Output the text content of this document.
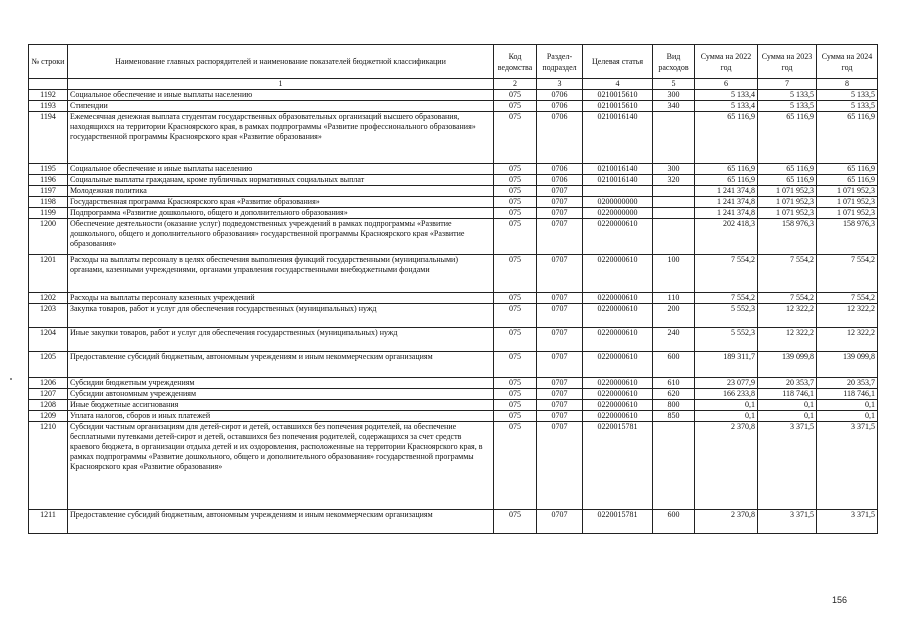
№ строки	Наименование главных распорядителей и наименование показателей бюджетной классификации	Код ведомства	Раздел-подраздел	Целевая статья	Вид расходов	Сумма на 2022 год	Сумма на 2023 год	Сумма на 2024 год
	1	2	3	4	5	6	7	8
1192	Социальное обеспечение и иные выплаты населению	075	0706	0210015610	300	5 133,4	5 133,5	5 133,5
1193	Стипендии	075	0706	0210015610	340	5 133,4	5 133,5	5 133,5
1194	Ежемесячная денежная выплата студентам государственных образовательных организаций высшего образования, находящихся на территории Красноярского края, в рамках подпрограммы «Развитие профессионального образования» государственной программы Красноярского края «Развитие образования»	075	0706	0210016140		65 116,9	65 116,9	65 116,9
1195	Социальное обеспечение и иные выплаты населению	075	0706	0210016140	300	65 116,9	65 116,9	65 116,9
1196	Социальные выплаты гражданам, кроме публичных нормативных социальных выплат	075	0706	0210016140	320	65 116,9	65 116,9	65 116,9
1197	Молодежная политика	075	0707			1 241 374,8	1 071 952,3	1 071 952,3
1198	Государственная программа Красноярского края «Развитие образования»	075	0707	0200000000		1 241 374,8	1 071 952,3	1 071 952,3
1199	Подпрограмма «Развитие дошкольного, общего и дополнительного образования»	075	0707	0220000000		1 241 374,8	1 071 952,3	1 071 952,3
1200	Обеспечение деятельности (оказание услуг) подведомственных учреждений в рамках подпрограммы «Развитие дошкольного, общего и дополнительного образования» государственной программы Красноярского края «Развитие образования»	075	0707	0220000610		202 418,3	158 976,3	158 976,3
1201	Расходы на выплаты персоналу в целях обеспечения выполнения функций государственными (муниципальными) органами, казенными учреждениями, органами управления государственными внебюджетными фондами	075	0707	0220000610	100	7 554,2	7 554,2	7 554,2
1202	Расходы на выплаты персоналу казенных учреждений	075	0707	0220000610	110	7 554,2	7 554,2	7 554,2
1203	Закупка товаров, работ и услуг для обеспечения государственных (муниципальных) нужд	075	0707	0220000610	200	5 552,3	12 322,2	12 322,2
1204	Иные закупки товаров, работ и услуг для обеспечения государственных (муниципальных) нужд	075	0707	0220000610	240	5 552,3	12 322,2	12 322,2
1205	Предоставление субсидий бюджетным, автономным учреждениям и иным некоммерческим организациям	075	0707	0220000610	600	189 311,7	139 099,8	139 099,8
1206	Субсидии бюджетным учреждениям	075	0707	0220000610	610	23 077,9	20 353,7	20 353,7
1207	Субсидии автономным учреждениям	075	0707	0220000610	620	166 233,8	118 746,1	118 746,1
1208	Иные бюджетные ассигнования	075	0707	0220000610	800	0,1	0,1	0,1
1209	Уплата налогов, сборов и иных платежей	075	0707	0220000610	850	0,1	0,1	0,1
1210	Субсидии частным организациям для детей-сирот и детей, оставшихся без попечения родителей, на обеспечение бесплатными путевками детей-сирот и детей, оставшихся без попечения родителей, содержащихся за счет средств краевого бюджета, в организации отдыха детей и их оздоровления, расположенные на территории Красноярского края, в рамках подпрограммы «Развитие дошкольного, общего и дополнительного образования» государственной программы Красноярского края «Развитие образования»	075	0707	0220015781		2 370,8	3 371,5	3 371,5
1211	Предоставление субсидий бюджетным, автономным учреждениям и иным некоммерческим организациям	075	0707	0220015781	600	2 370,8	3 371,5	3 371,5
156
